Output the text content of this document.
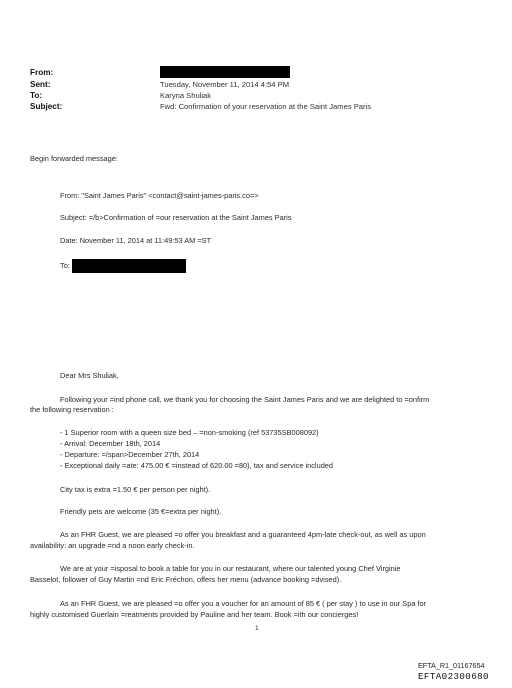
From:
Sent:	Tuesday, November 11, 2014 4:54 PM
To:	Karyna Shuliak
Subject:	Fwd: Confirmation of your reservation at the Saint James Paris
Begin forwarded message:
From: "Saint James Paris" <contact@saint-james-paris.co=>
Subject: =/b>Confirmation of =our reservation at the Saint James Paris
Date: November 11, 2014 at 11:49:53 AM =ST
To:
Dear Mrs Shuliak,
Following your =ind phone call, we thank you for choosing the Saint James Paris and we are delighted to =onfirm
the following reservation :
- 1 Superior room with a queen size bed – =non-smoking (ref 53735SB008092)
- Arrival: December 18th, 2014
- Departure: =/span>December 27th, 2014
- Exceptional daily =ate: 475.00 € =instead of 620.00 =80), tax and service included
City tax is extra =1.50 € per person per night).
Friendly pets are welcome (35 €=extra per night).
As an FHR Guest, we are pleased =o offer you breakfast and a guaranteed 4pm-late check-out, as well as upon
availability: an upgrade =nd a noon early check-in.
We are at your =isposal to book a table for you in our restaurant, where our talented young Chef Virginie
Basselot, follower of Guy Martin =nd Eric Fréchon, offers her menu (advance booking =dvised).
As an FHR Guest, we are pleased =o offer you a voucher for an amount of 85 € ( per stay ) to use in our Spa for
highly customised Guerlain =reatments provided by Pauline and her team. Book =ith our concierges!
1
EFTA_R1_01167654
EFTA02300680
